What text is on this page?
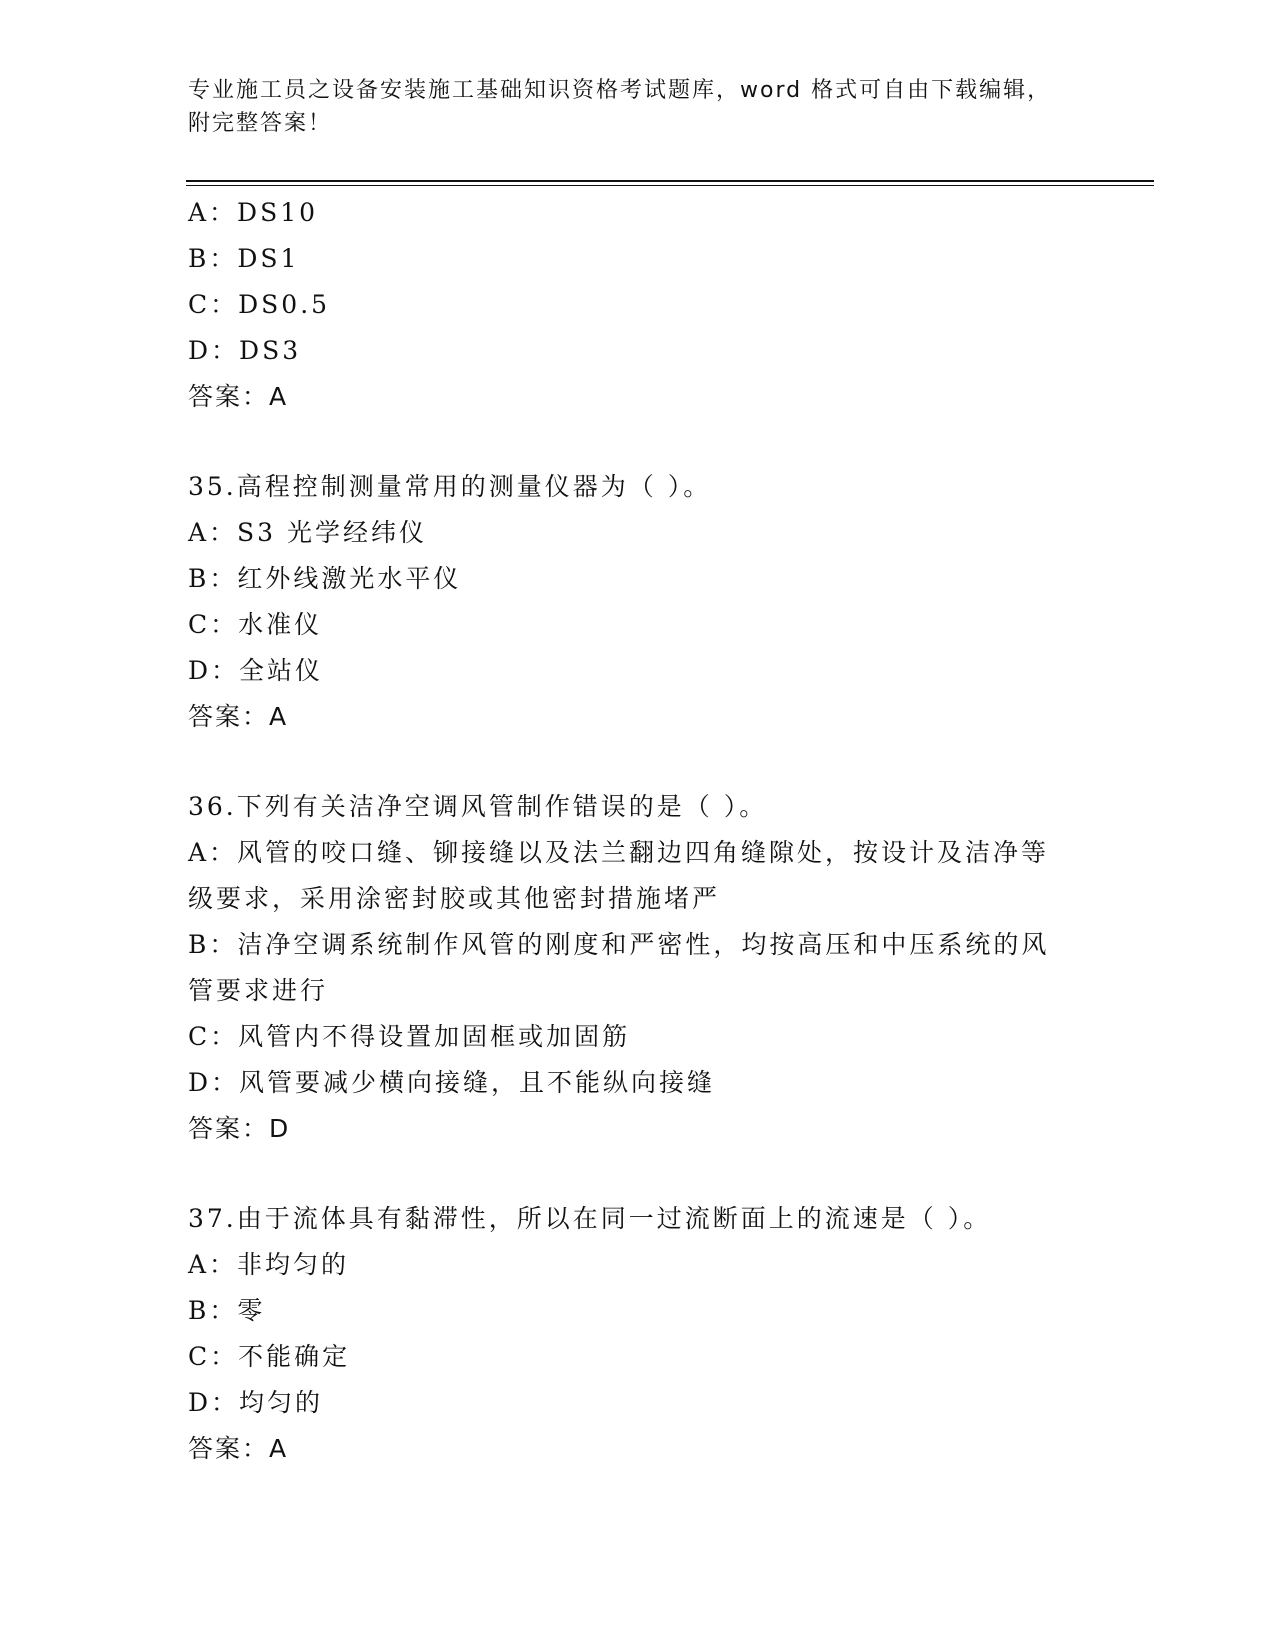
专业施工员之设备安装施工基础知识资格考试题库，word 格式可自由下载编辑，
附完整答案！

A：DS10

B：DS1

C：DS0.5

D：DS3

答案：A

35.高程控制测量常用的测量仪器为（ ）。

A：S3 光学经纬仪

B：红外线激光水平仪

C：水准仪

D：全站仪

答案：A

36.下列有关洁净空调风管制作错误的是（ ）。

A：风管的咬口缝、铆接缝以及法兰翻边四角缝隙处，按设计及洁净等级要求，采用涂密封胶或其他密封措施堵严

B：洁净空调系统制作风管的刚度和严密性，均按高压和中压系统的风管要求进行

C：风管内不得设置加固框或加固筋

D：风管要减少横向接缝，且不能纵向接缝

答案：D

37.由于流体具有黏滞性，所以在同一过流断面上的流速是（ ）。

A：非均匀的

B：零

C：不能确定

D：均匀的

答案：A
